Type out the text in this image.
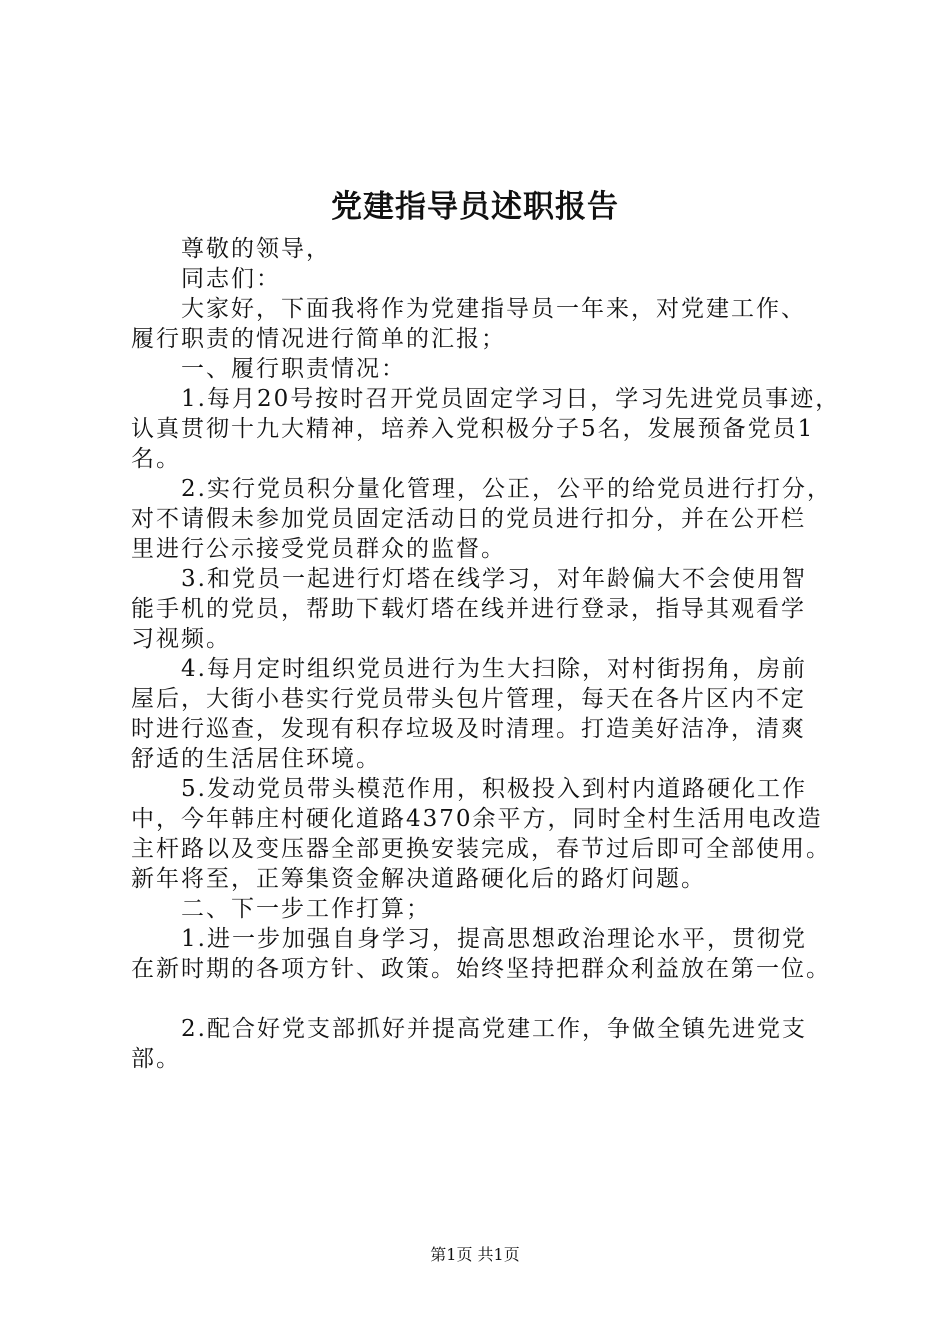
党建指导员述职报告
　　尊敬的领导，
　　同志们：
　　大家好，下面我将作为党建指导员一年来，对党建工作、
履行职责的情况进行简单的汇报；
　　一、履行职责情况：
　　1.每月20号按时召开党员固定学习日，学习先进党员事迹，
认真贯彻十九大精神，培养入党积极分子5名，发展预备党员1
名。
　　2.实行党员积分量化管理，公正，公平的给党员进行打分，
对不请假未参加党员固定活动日的党员进行扣分，并在公开栏
里进行公示接受党员群众的监督。
　　3.和党员一起进行灯塔在线学习，对年龄偏大不会使用智
能手机的党员，帮助下载灯塔在线并进行登录，指导其观看学
习视频。
　　4.每月定时组织党员进行为生大扫除，对村街拐角，房前
屋后，大街小巷实行党员带头包片管理，每天在各片区内不定
时进行巡查，发现有积存垃圾及时清理。打造美好洁净，清爽
舒适的生活居住环境。
　　5.发动党员带头模范作用，积极投入到村内道路硬化工作
中，今年韩庄村硬化道路4370余平方，同时全村生活用电改造
主杆路以及变压器全部更换安装完成，春节过后即可全部使用。
新年将至，正筹集资金解决道路硬化后的路灯问题。
　　二、下一步工作打算；
　　1.进一步加强自身学习，提高思想政治理论水平，贯彻党
在新时期的各项方针、政策。始终坚持把群众利益放在第一位。
　　2.配合好党支部抓好并提高党建工作，争做全镇先进党支
部。
第1页 共1页
